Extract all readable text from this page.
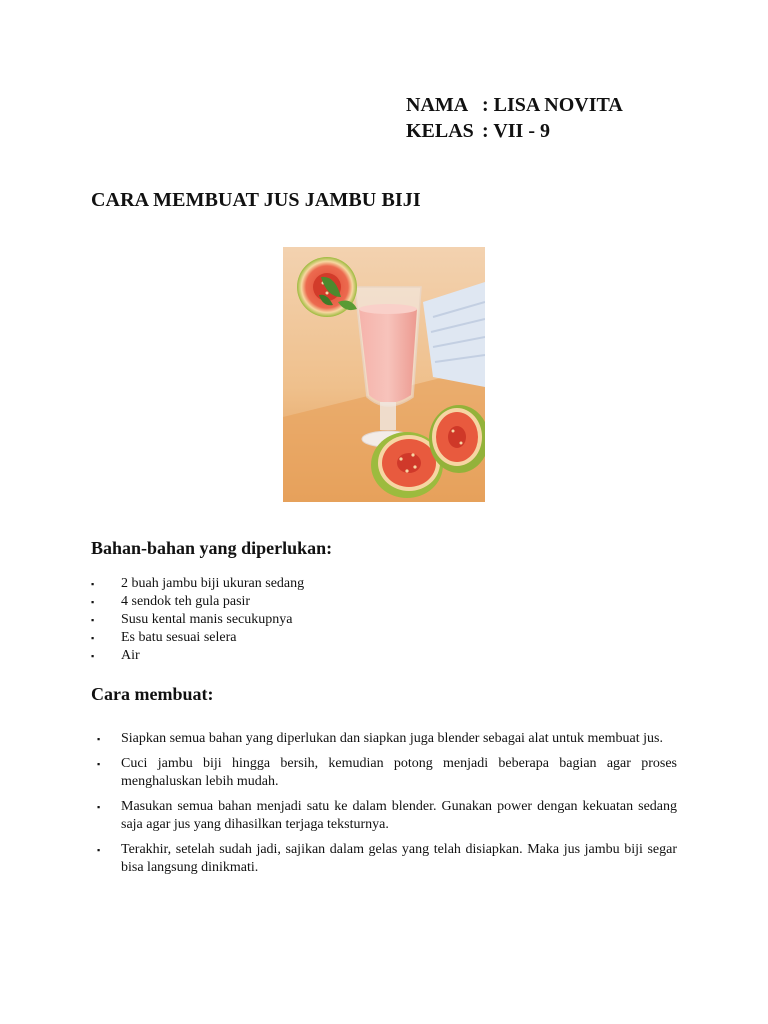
NAMA : LISA NOVITA
KELAS : VII - 9
CARA MEMBUAT JUS JAMBU BIJI
Bahan-bahan yang diperlukan:
▪ 2 buah jambu biji ukuran sedang
▪ 4 sendok teh gula pasir
▪ Susu kental manis secukupnya
▪ Es batu sesuai selera
▪ Air
Cara membuat:
▪ Siapkan semua bahan yang diperlukan dan siapkan juga blender sebagai alat untuk membuat jus.
▪ Cuci jambu biji hingga bersih, kemudian potong menjadi beberapa bagian agar proses menghaluskan lebih mudah.
▪ Masukan semua bahan menjadi satu ke dalam blender. Gunakan power dengan kekuatan sedang saja agar jus yang dihasilkan terjaga teksturnya.
▪ Terakhir, setelah sudah jadi, sajikan dalam gelas yang telah disiapkan. Maka jus jambu biji segar bisa langsung dinikmati.
